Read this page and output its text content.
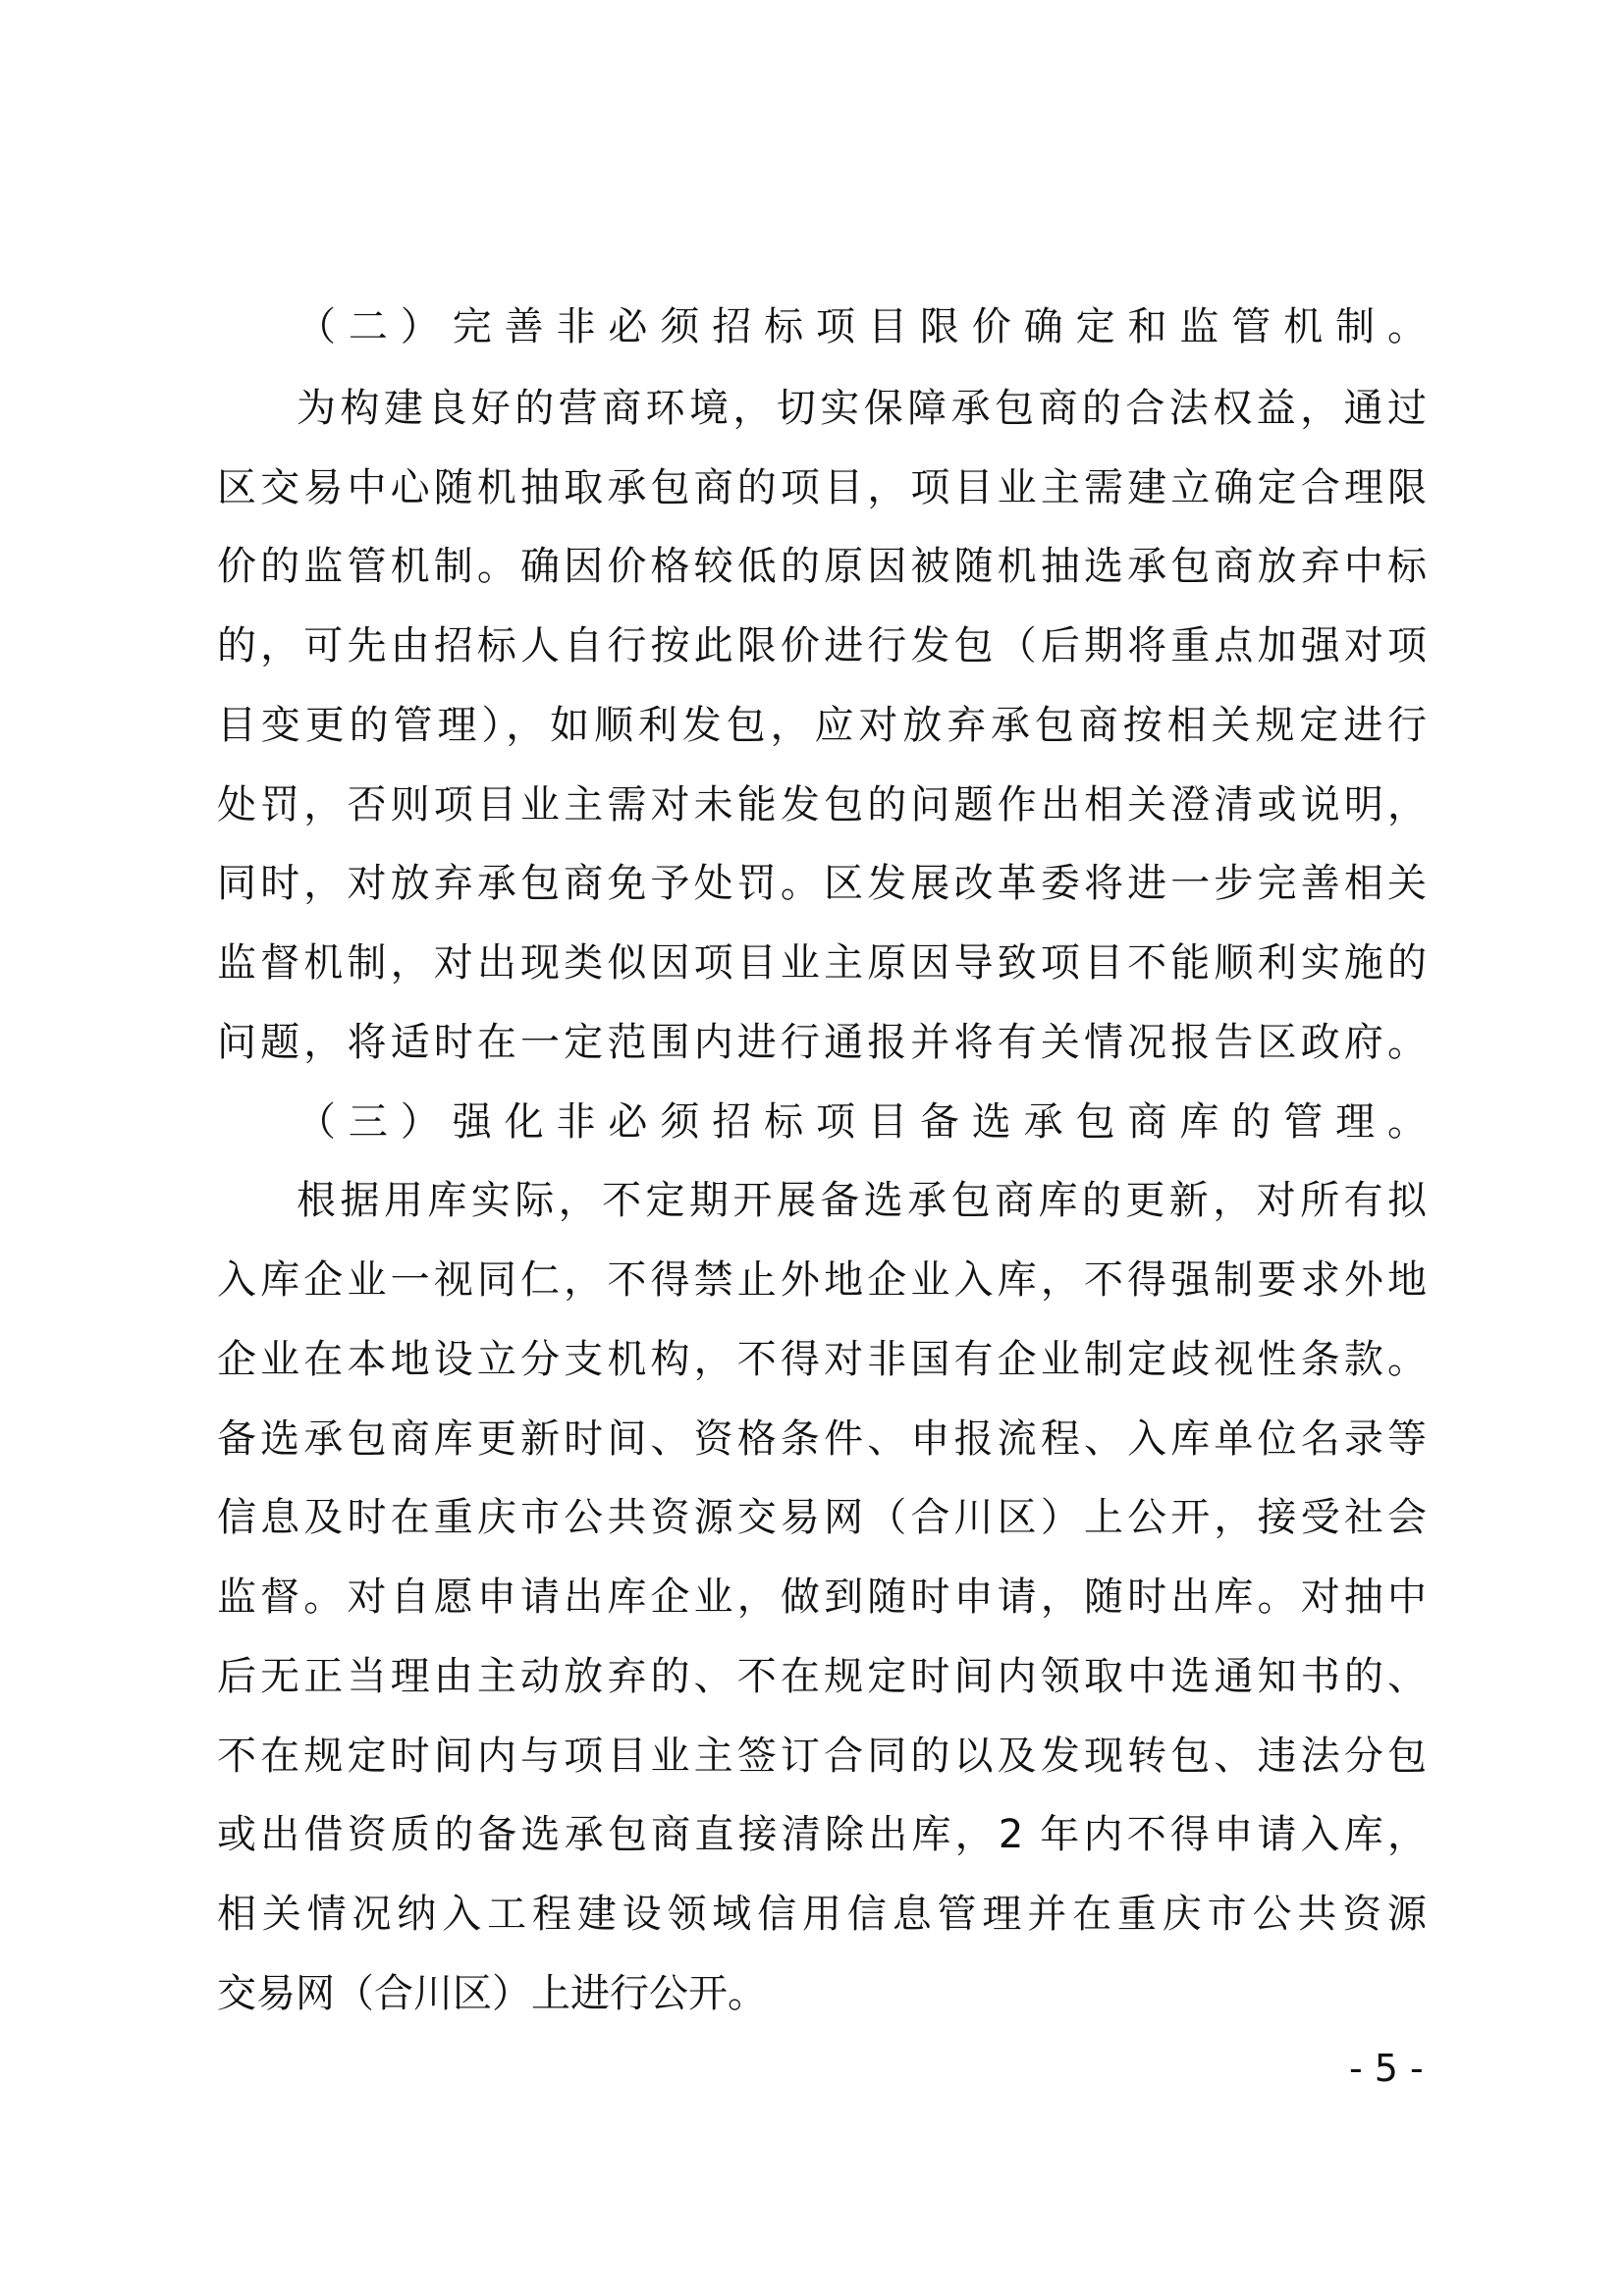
（二）完善非必须招标项目限价确定和监管机制。
为构建良好的营商环境，切实保障承包商的合法权益，通过
区交易中心随机抽取承包商的项目，项目业主需建立确定合理限
价的监管机制。确因价格较低的原因被随机抽选承包商放弃中标
的，可先由招标人自行按此限价进行发包（后期将重点加强对项
目变更的管理），如顺利发包，应对放弃承包商按相关规定进行
处罚，否则项目业主需对未能发包的问题作出相关澄清或说明，
同时，对放弃承包商免予处罚。区发展改革委将进一步完善相关
监督机制，对出现类似因项目业主原因导致项目不能顺利实施的
问题，将适时在一定范围内进行通报并将有关情况报告区政府。
（三）强化非必须招标项目备选承包商库的管理。
根据用库实际，不定期开展备选承包商库的更新，对所有拟
入库企业一视同仁，不得禁止外地企业入库，不得强制要求外地
企业在本地设立分支机构，不得对非国有企业制定歧视性条款。
备选承包商库更新时间、资格条件、申报流程、入库单位名录等
信息及时在重庆市公共资源交易网（合川区）上公开，接受社会
监督。对自愿申请出库企业，做到随时申请，随时出库。对抽中
后无正当理由主动放弃的、不在规定时间内领取中选通知书的、
不在规定时间内与项目业主签订合同的以及发现转包、违法分包
或出借资质的备选承包商直接清除出库，2 年内不得申请入库，
相关情况纳入工程建设领域信用信息管理并在重庆市公共资源
交易网（合川区）上进行公开。
- 5 -
